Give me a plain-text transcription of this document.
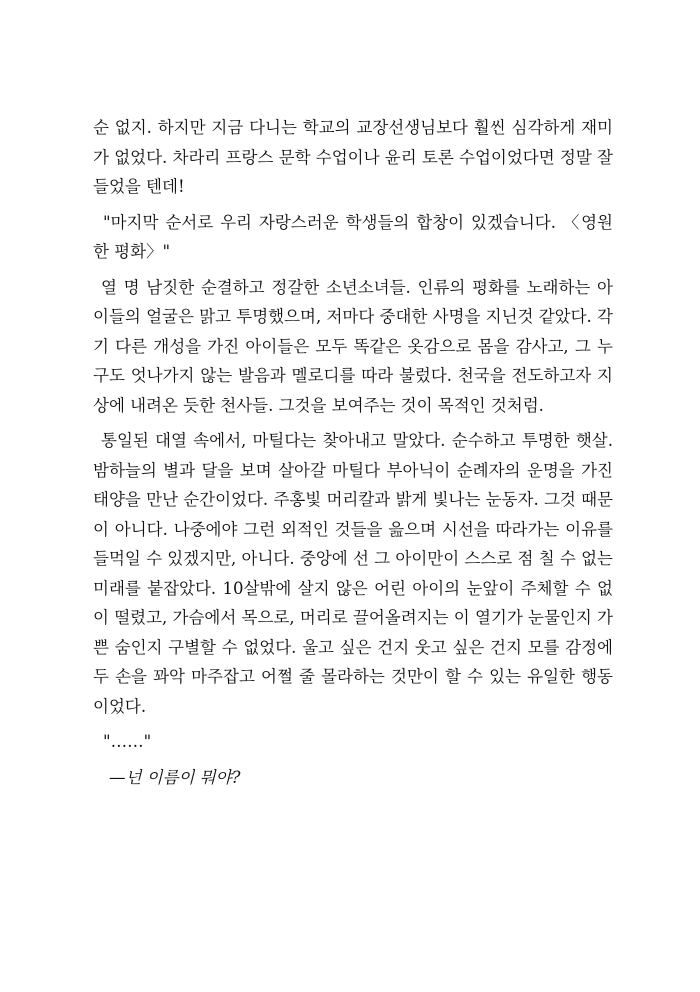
순 없지. 하지만 지금 다니는 학교의 교장선생님보다 훨씬 심각하게 재미가 없었다. 차라리 프랑스 문학 수업이나 윤리 토론 수업이었다면 정말 잘 들었을 텐데!

"마지막 순서로 우리 자랑스러운 학생들의 합창이 있겠습니다. 〈영원한 평화〉"

열 명 남짓한 순결하고 정갈한 소년소녀들. 인류의 평화를 노래하는 아이들의 얼굴은 맑고 투명했으며, 저마다 중대한 사명을 지닌것 같았다. 각기 다른 개성을 가진 아이들은 모두 똑같은 옷감으로 몸을 감사고, 그 누구도 엇나가지 않는 발음과 멜로디를 따라 불렀다. 천국을 전도하고자 지상에 내려온 듯한 천사들. 그것을 보여주는 것이 목적인 것처럼.

통일된 대열 속에서, 마틸다는 찾아내고 말았다. 순수하고 투명한 햇살. 밤하늘의 별과 달을 보며 살아갈 마틸다 부아닉이 순례자의 운명을 가진 태양을 만난 순간이었다. 주홍빛 머리칼과 밝게 빛나는 눈동자. 그것 때문이 아니다. 나중에야 그런 외적인 것들을 읊으며 시선을 따라가는 이유를 들먹일 수 있겠지만, 아니다. 중앙에 선 그 아이만이 스스로 점 칠 수 없는 미래를 붙잡았다. 10살밖에 살지 않은 어린 아이의 눈앞이 주체할 수 없이 떨렸고, 가슴에서 목으로, 머리로 끌어올려지는 이 열기가 눈물인지 가쁜 숨인지 구별할 수 없었다. 울고 싶은 건지 웃고 싶은 건지 모를 감정에 두 손을 꽈악 마주잡고 어쩔 줄 몰라하는 것만이 할 수 있는 유일한 행동이었다.

"……"

—넌 이름이 뭐야?
